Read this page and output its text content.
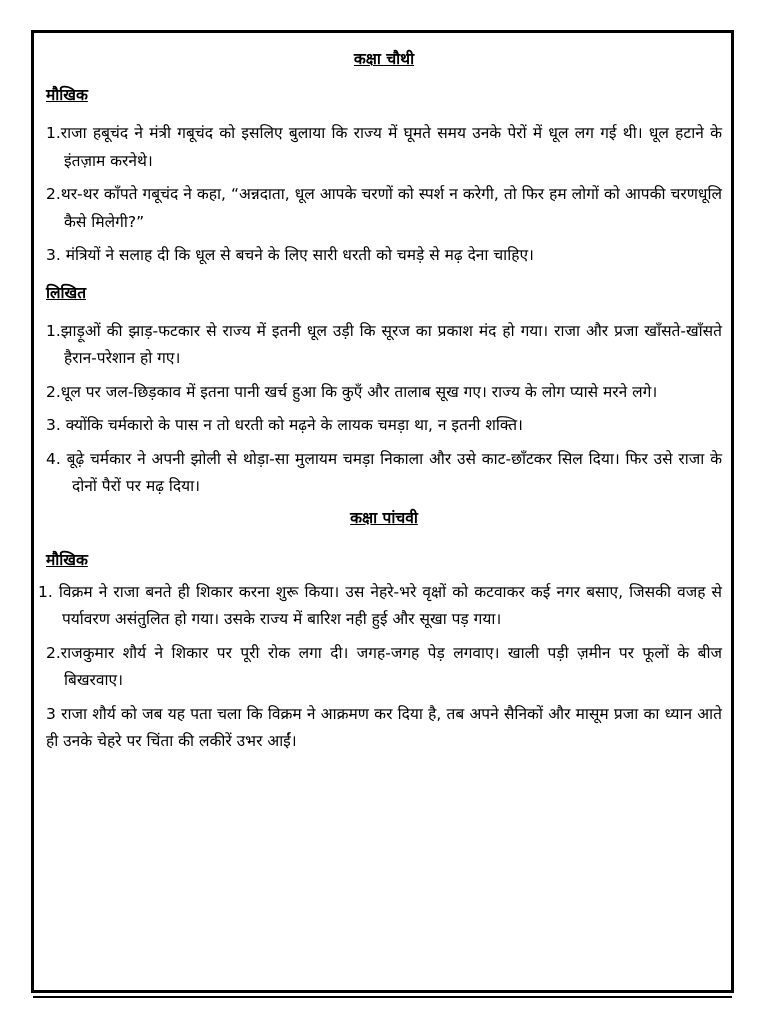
कक्षा चौथी
मौखिक
1.राजा हबूचंद ने मंत्री गबूचंद को इसलिए बुलाया कि राज्य में घूमते समय उनके पेरों में धूल लग गई थी। धूल हटाने के इंतज़ाम करनेथे।
2.थर-थर काँपते गबूचंद ने कहा, “अन्नदाता, धूल आपके चरणों को स्पर्श न करेगी, तो फिर हम लोगों को आपकी चरणधूलि कैसे मिलेगी?”
3. मंत्रियों ने सलाह दी कि धूल से बचने के लिए सारी धरती को चमड़े से मढ़ देना चाहिए।
लिखित
1.झाड़ूओं की झाड़-फटकार से राज्य में इतनी धूल उड़ी कि सूरज का प्रकाश मंद हो गया। राजा और प्रजा खाँसते-खाँसते हैरान-परेशान हो गए।
2.धूल पर जल-छिड़काव में इतना पानी खर्च हुआ कि कुएँ और तालाब सूख गए। राज्य के लोग प्यासे मरने लगे।
3. क्योंकि चर्मकारो के पास न तो धरती को मढ़ने के लायक चमड़ा था, न इतनी शक्ति।
4. बूढ़े चर्मकार ने अपनी झोली से थोड़ा-सा मुलायम चमड़ा निकाला और उसे काट-छाँटकर सिल दिया। फिर उसे राजा के दोनों पैरों पर मढ़ दिया।
कक्षा पांचवी
मौखिक
1. विक्रम ने राजा बनते ही शिकार करना शुरू किया। उस नेहरे-भरे वृक्षों को कटवाकर कई नगर बसाए, जिसकी वजह से पर्यावरण असंतुलित हो गया। उसके राज्य में बारिश नही हुई और सूखा पड़ गया।
2.राजकुमार शौर्य ने शिकार पर पूरी रोक लगा दी। जगह-जगह पेड़ लगवाए। खाली पड़ी ज़मीन पर फूलों के बीज बिखरवाए।
3 राजा शौर्य को जब यह पता चला कि विक्रम ने आक्रमण कर दिया है, तब अपने सैनिकों और मासूम प्रजा का ध्यान आते ही उनके चेहरे पर चिंता की लकीरें उभर आईं।
